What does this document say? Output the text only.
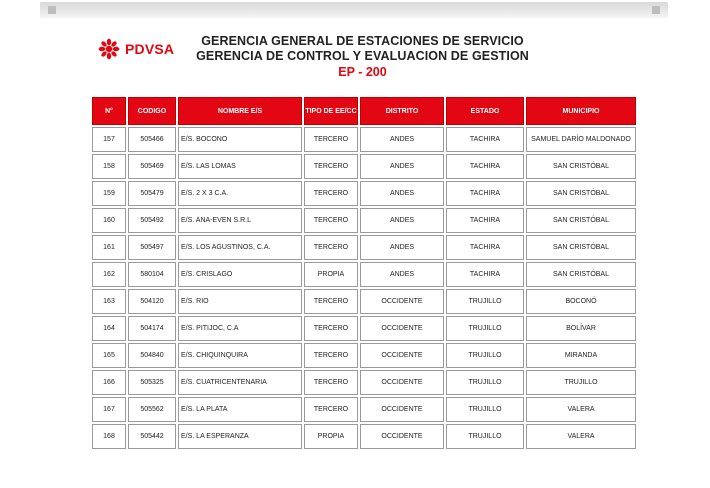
PDVSA	GERENCIA GENERAL DE ESTACIONES DE SERVICIO
GERENCIA DE CONTROL Y EVALUACION DE GESTION
EP - 200
N°	CODIGO	NOMBRE E/S	TIPO DE EE/CC	DISTRITO	ESTADO	MUNICIPIO
157	505466	E/S. BOCONO	TERCERO	ANDES	TACHIRA	SAMUEL DARÍO MALDONADO
158	505469	E/S. LAS LOMAS	TERCERO	ANDES	TACHIRA	SAN CRISTÓBAL
159	505479	E/S. 2 X 3 C.A.	TERCERO	ANDES	TACHIRA	SAN CRISTÓBAL
160	505492	E/S. ANA-EVEN S.R.L	TERCERO	ANDES	TACHIRA	SAN CRISTÓBAL
161	505497	E/S. LOS AGUSTINOS, C.A.	TERCERO	ANDES	TACHIRA	SAN CRISTÓBAL
162	580104	E/S. CRISLAGO	PROPIA	ANDES	TACHIRA	SAN CRISTÓBAL
163	504120	E/S. RIO	TERCERO	OCCIDENTE	TRUJILLO	BOCONÓ
164	504174	E/S. PITIJOC, C.A	TERCERO	OCCIDENTE	TRUJILLO	BOLÍVAR
165	504840	E/S. CHIQUINQUIRA	TERCERO	OCCIDENTE	TRUJILLO	MIRANDA
166	505325	E/S. CUATRICENTENARIA	TERCERO	OCCIDENTE	TRUJILLO	TRUJILLO
167	505562	E/S. LA PLATA	TERCERO	OCCIDENTE	TRUJILLO	VALERA
168	505442	E/S. LA ESPERANZA	PROPIA	OCCIDENTE	TRUJILLO	VALERA
